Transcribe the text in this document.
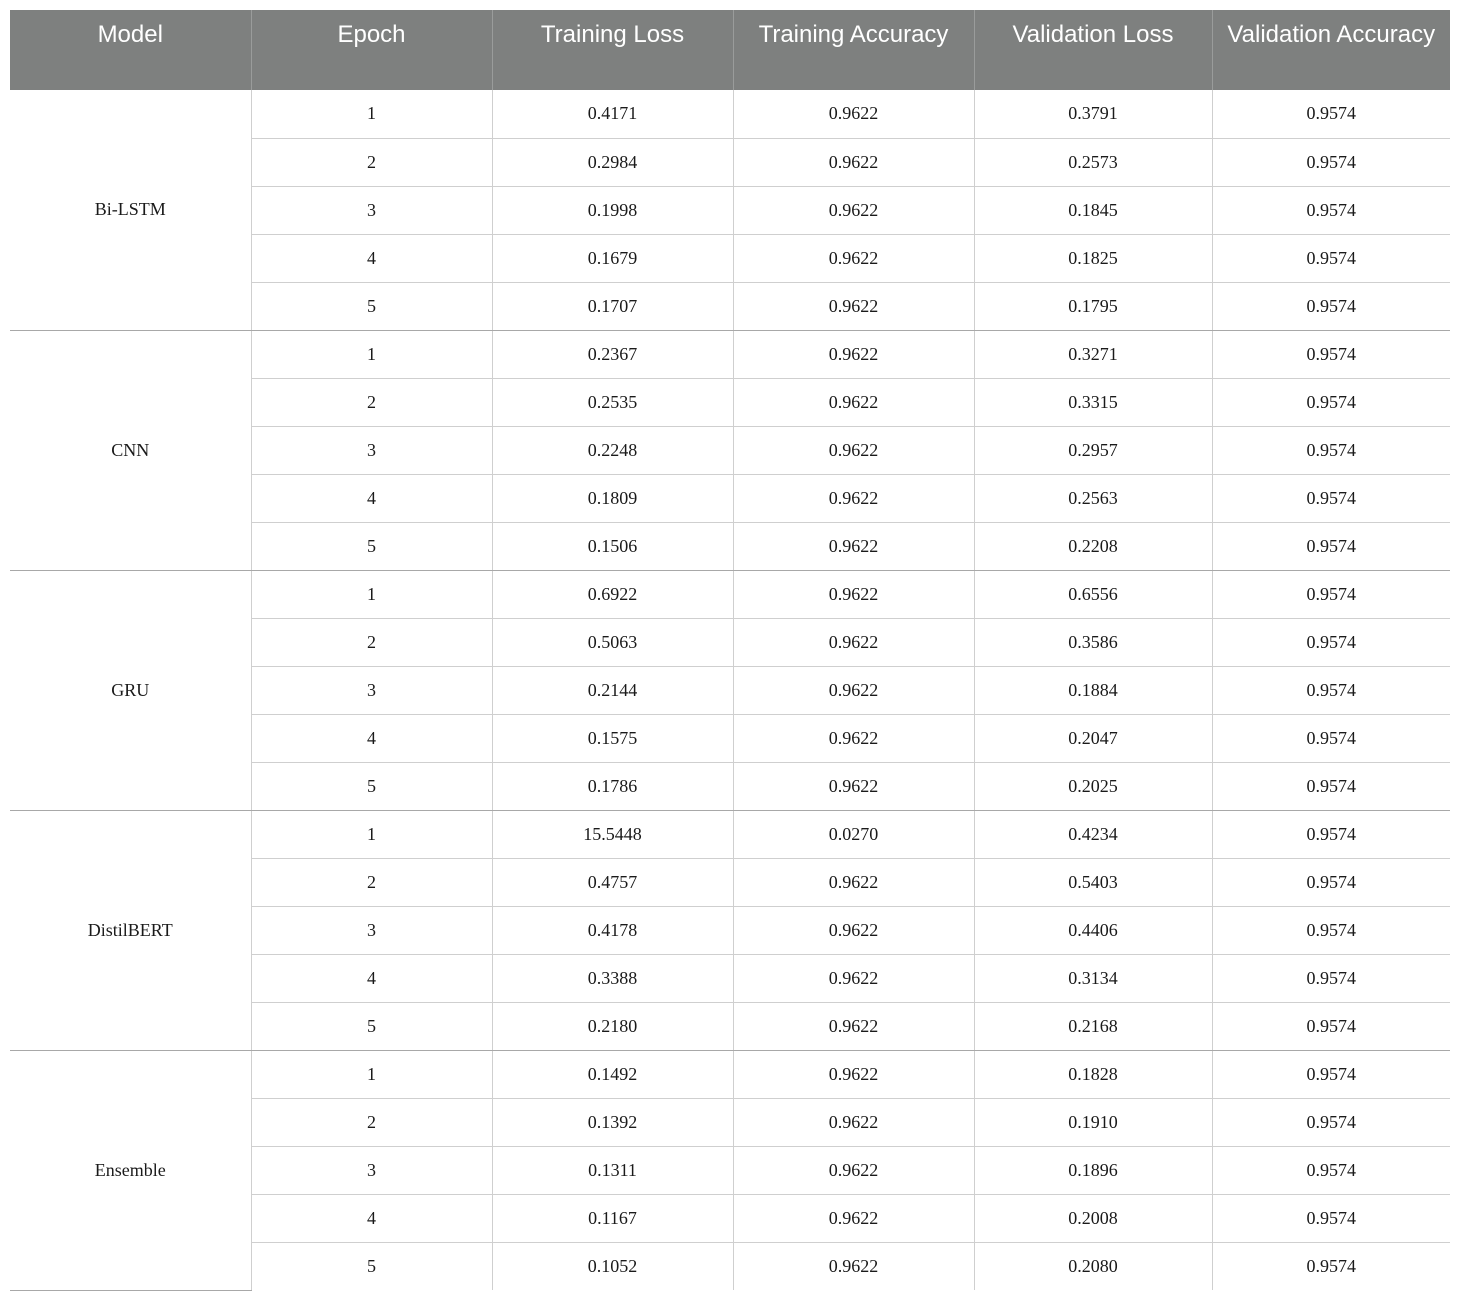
Model	Epoch	Training Loss	Training Accuracy	Validation Loss	Validation Accuracy
Bi-LSTM	1	0.4171	0.9622	0.3791	0.9574
	2	0.2984	0.9622	0.2573	0.9574
	3	0.1998	0.9622	0.1845	0.9574
	4	0.1679	0.9622	0.1825	0.9574
	5	0.1707	0.9622	0.1795	0.9574
CNN	1	0.2367	0.9622	0.3271	0.9574
	2	0.2535	0.9622	0.3315	0.9574
	3	0.2248	0.9622	0.2957	0.9574
	4	0.1809	0.9622	0.2563	0.9574
	5	0.1506	0.9622	0.2208	0.9574
GRU	1	0.6922	0.9622	0.6556	0.9574
	2	0.5063	0.9622	0.3586	0.9574
	3	0.2144	0.9622	0.1884	0.9574
	4	0.1575	0.9622	0.2047	0.9574
	5	0.1786	0.9622	0.2025	0.9574
DistilBERT	1	15.5448	0.0270	0.4234	0.9574
	2	0.4757	0.9622	0.5403	0.9574
	3	0.4178	0.9622	0.4406	0.9574
	4	0.3388	0.9622	0.3134	0.9574
	5	0.2180	0.9622	0.2168	0.9574
Ensemble	1	0.1492	0.9622	0.1828	0.9574
	2	0.1392	0.9622	0.1910	0.9574
	3	0.1311	0.9622	0.1896	0.9574
	4	0.1167	0.9622	0.2008	0.9574
	5	0.1052	0.9622	0.2080	0.9574
